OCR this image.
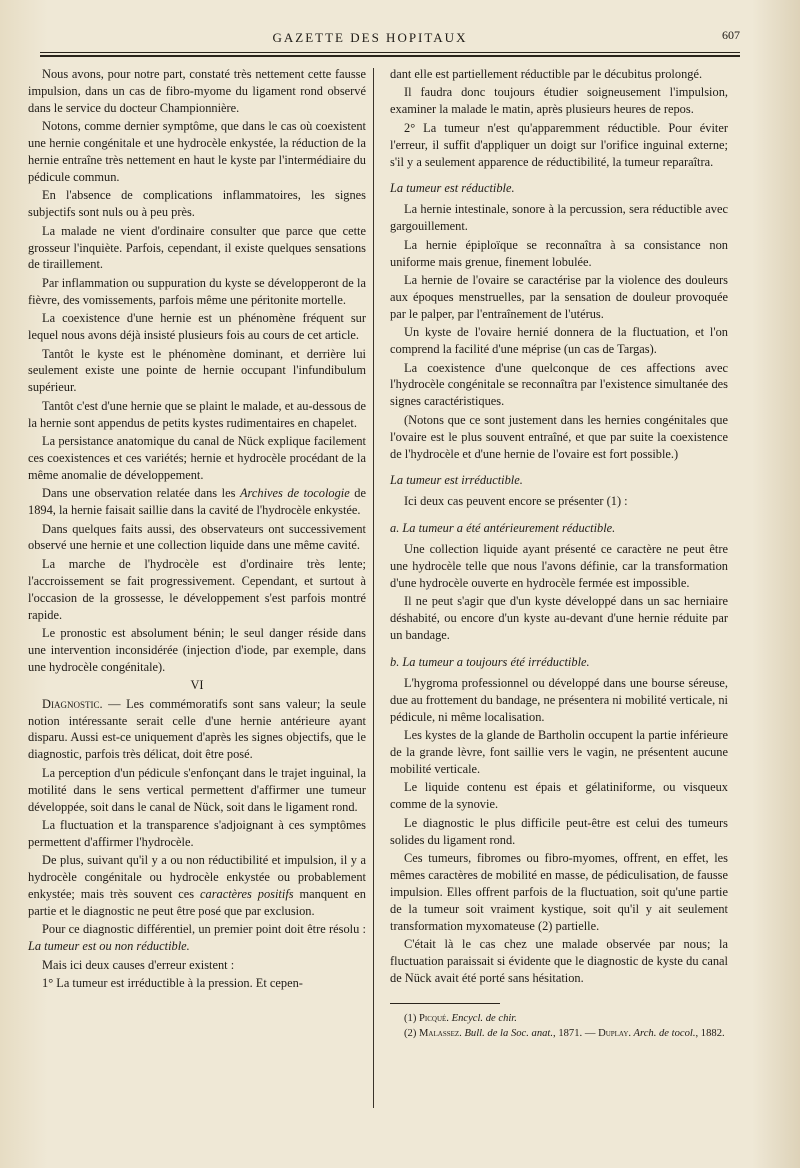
GAZETTE DES HOPITAUX	607

Nous avons, pour notre part, constaté très nettement cette fausse impulsion, dans un cas de fibro-myome du ligament rond observé dans le service du docteur Championnière.

Notons, comme dernier symptôme, que dans le cas où coexistent une hernie congénitale et une hydrocèle enkystée, la réduction de la hernie entraîne très nettement en haut le kyste par l'intermédiaire du pédicule commun.

En l'absence de complications inflammatoires, les signes subjectifs sont nuls ou à peu près.

La malade ne vient d'ordinaire consulter que parce que cette grosseur l'inquiète. Parfois, cependant, il existe quelques sensations de tiraillement.

Par inflammation ou suppuration du kyste se développeront de la fièvre, des vomissements, parfois même une péritonite mortelle.

La coexistence d'une hernie est un phénomène fréquent sur lequel nous avons déjà insisté plusieurs fois au cours de cet article.

Tantôt le kyste est le phénomène dominant, et derrière lui seulement existe une pointe de hernie occupant l'infundibulum supérieur.

Tantôt c'est d'une hernie que se plaint le malade, et au-dessous de la hernie sont appendus de petits kystes rudimentaires en chapelet.

La persistance anatomique du canal de Nück explique facilement ces coexistences et ces variétés; hernie et hydrocèle procédant de la même anomalie de développement.

Dans une observation relatée dans les Archives de tocologie de 1894, la hernie faisait saillie dans la cavité de l'hydrocèle enkystée.

Dans quelques faits aussi, des observateurs ont successivement observé une hernie et une collection liquide dans une même cavité.

La marche de l'hydrocèle est d'ordinaire très lente; l'accroissement se fait progressivement. Cependant, et surtout à l'occasion de la grossesse, le développement s'est parfois montré rapide.

Le pronostic est absolument bénin; le seul danger réside dans une intervention inconsidérée (injection d'iode, par exemple, dans une hydrocèle congénitale).

VI

Diagnostic. — Les commémoratifs sont sans valeur; la seule notion intéressante serait celle d'une hernie antérieure ayant disparu. Aussi est-ce uniquement d'après les signes objectifs, que le diagnostic, parfois très délicat, doit être posé.

La perception d'un pédicule s'enfonçant dans le trajet inguinal, la motilité dans le sens vertical permettent d'affirmer une tumeur développée, soit dans le canal de Nück, soit dans le ligament rond.

La fluctuation et la transparence s'adjoignant à ces symptômes permettent d'affirmer l'hydrocèle.

De plus, suivant qu'il y a ou non réductibilité et impulsion, il y a hydrocèle congénitale ou hydrocèle enkystée ou probablement enkystée; mais très souvent ces caractères positifs manquent en partie et le diagnostic ne peut être posé que par exclusion.

Pour ce diagnostic différentiel, un premier point doit être résolu : La tumeur est ou non réductible.

Mais ici deux causes d'erreur existent :

1° La tumeur est irréductible à la pression. Et cepen-

dant elle est partiellement réductible par le décubitus prolongé.

Il faudra donc toujours étudier soigneusement l'impulsion, examiner la malade le matin, après plusieurs heures de repos.

2° La tumeur n'est qu'apparemment réductible. Pour éviter l'erreur, il suffit d'appliquer un doigt sur l'orifice inguinal externe; s'il y a seulement apparence de réductibilité, la tumeur reparaîtra.

La tumeur est réductible.

La hernie intestinale, sonore à la percussion, sera réductible avec gargouillement.

La hernie épiploïque se reconnaîtra à sa consistance non uniforme mais grenue, finement lobulée.

La hernie de l'ovaire se caractérise par la violence des douleurs aux époques menstruelles, par la sensation de douleur provoquée par le palper, par l'entraînement de l'utérus.

Un kyste de l'ovaire hernié donnera de la fluctuation, et l'on comprend la facilité d'une méprise (un cas de Targas).

La coexistence d'une quelconque de ces affections avec l'hydrocèle congénitale se reconnaîtra par l'existence simultanée des signes caractéristiques.

(Notons que ce sont justement dans les hernies congénitales que l'ovaire est le plus souvent entraîné, et que par suite la coexistence de l'hydrocèle et d'une hernie de l'ovaire est fort possible.)

La tumeur est irréductible.

Ici deux cas peuvent encore se présenter (1) :

a. La tumeur a été antérieurement réductible.

Une collection liquide ayant présenté ce caractère ne peut être une hydrocèle telle que nous l'avons définie, car la transformation d'une hydrocèle ouverte en hydrocèle fermée est impossible.

Il ne peut s'agir que d'un kyste développé dans un sac herniaire déshabité, ou encore d'un kyste au-devant d'une hernie réduite par un bandage.

b. La tumeur a toujours été irréductible.

L'hygroma professionnel ou développé dans une bourse séreuse, due au frottement du bandage, ne présentera ni mobilité verticale, ni pédicule, ni même localisation.

Les kystes de la glande de Bartholin occupent la partie inférieure de la grande lèvre, font saillie vers le vagin, ne présentent aucune mobilité verticale.

Le liquide contenu est épais et gélatiniforme, ou visqueux comme de la synovie.

Le diagnostic le plus difficile peut-être est celui des tumeurs solides du ligament rond.

Ces tumeurs, fibromes ou fibro-myomes, offrent, en effet, les mêmes caractères de mobilité en masse, de pédiculisation, de fausse impulsion. Elles offrent parfois de la fluctuation, soit qu'une partie de la tumeur soit vraiment kystique, soit qu'il y ait seulement transformation myxomateuse (2) partielle.

C'était là le cas chez une malade observée par nous; la fluctuation paraissait si évidente que le diagnostic de kyste du canal de Nück avait été porté sans hésitation.

(1) Picqué. Encycl. de chir.

(2) Malassez. Bull. de la Soc. anat., 1871. — Duplay. Arch. de tocol., 1882.
